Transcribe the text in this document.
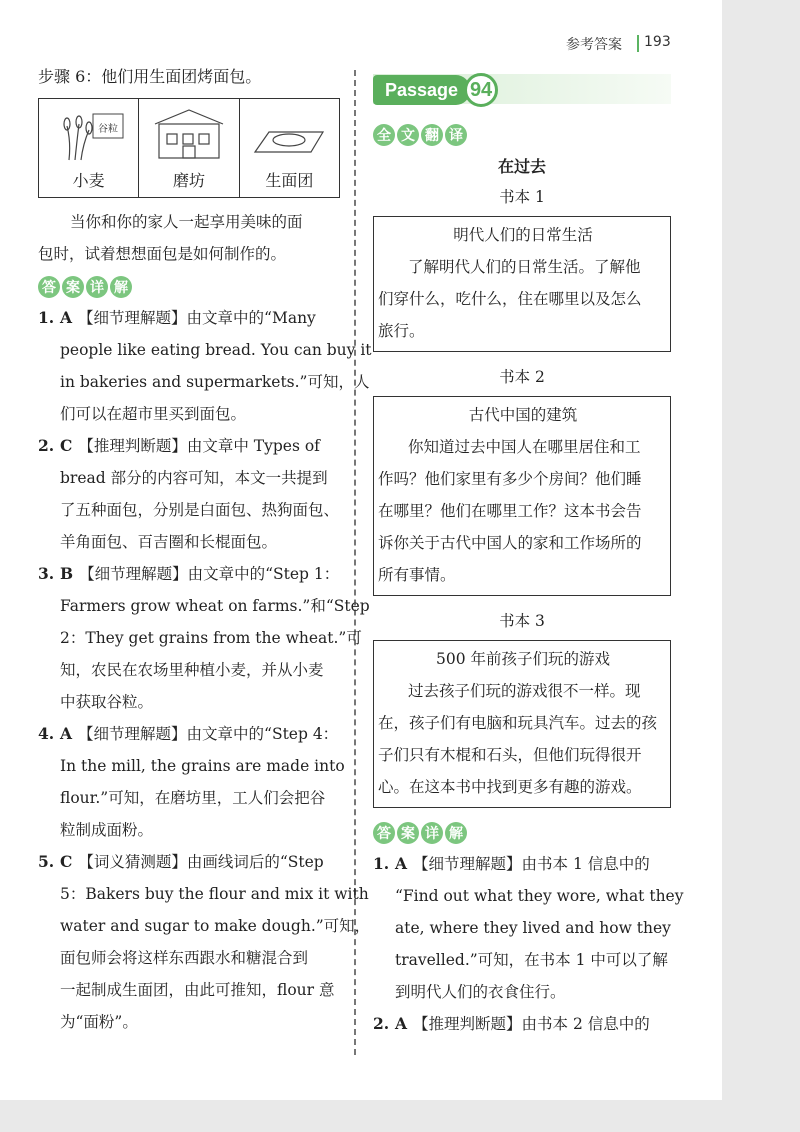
参考答案 193
步骤 6：他们用生面团烤面包。
谷粒
小麦	磨坊	生面团
当你和你的家人一起享用美味的面
包时，试着想想面包是如何制作的。
答 案 详 解
1. A 【细节理解题】由文章中的“Many
people like eating bread. You can buy it
in bakeries and supermarkets.”可知，人
们可以在超市里买到面包。
2. C 【推理判断题】由文章中 Types of
bread 部分的内容可知，本文一共提到
了五种面包，分别是白面包、热狗面包、
羊角面包、百吉圈和长棍面包。
3. B 【细节理解题】由文章中的“Step 1：
Farmers grow wheat on farms.”和“Step
2：They get grains from the wheat.”可
知，农民在农场里种植小麦，并从小麦
中获取谷粒。
4. A 【细节理解题】由文章中的“Step 4：
In the mill, the grains are made into
flour.”可知，在磨坊里，工人们会把谷
粒制成面粉。
5. C 【词义猜测题】由画线词后的“Step
5：Bakers buy the flour and mix it with
water and sugar to make dough.”可知，
面包师会将这样东西跟水和糖混合到
一起制成生面团，由此可推知，flour 意
为“面粉”。
Passage 94
全 文 翻 译
在过去
书本 1
明代人们的日常生活
了解明代人们的日常生活。了解他
们穿什么，吃什么，住在哪里以及怎么
旅行。
书本 2
古代中国的建筑
你知道过去中国人在哪里居住和工
作吗？他们家里有多少个房间？他们睡
在哪里？他们在哪里工作？这本书会告
诉你关于古代中国人的家和工作场所的
所有事情。
书本 3
500 年前孩子们玩的游戏
过去孩子们玩的游戏很不一样。现
在，孩子们有电脑和玩具汽车。过去的孩
子们只有木棍和石头，但他们玩得很开
心。在这本书中找到更多有趣的游戏。
答 案 详 解
1. A 【细节理解题】由书本 1 信息中的
“Find out what they wore, what they
ate, where they lived and how they
travelled.”可知，在书本 1 中可以了解
到明代人们的衣食住行。
2. A 【推理判断题】由书本 2 信息中的
